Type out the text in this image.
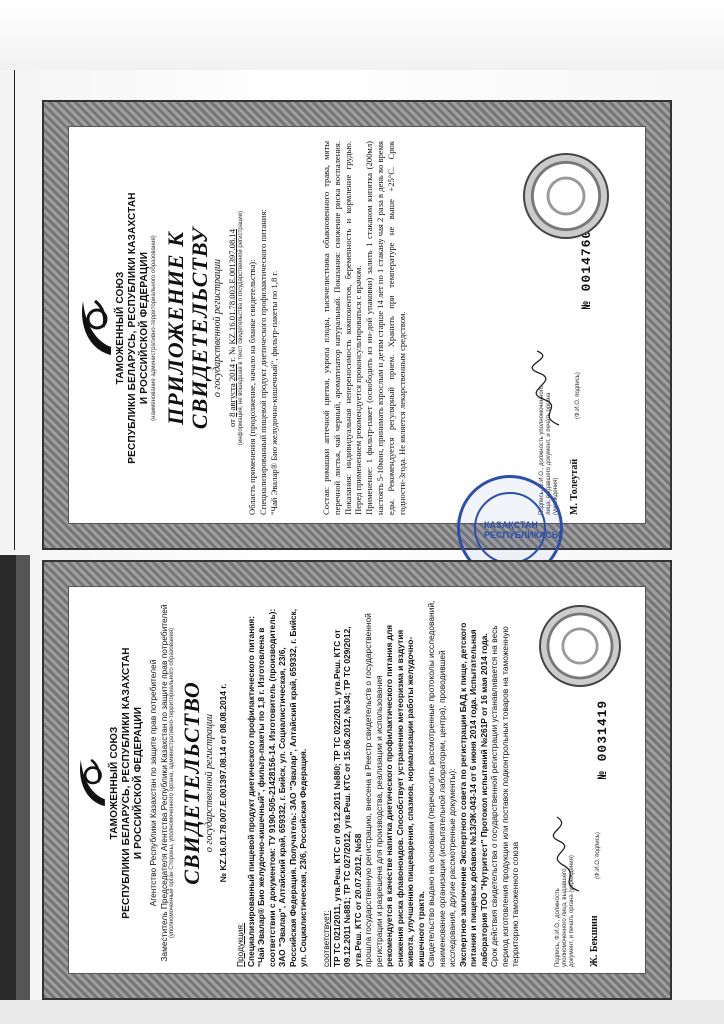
ТАМОЖЕННЫЙ СОЮЗ РЕСПУБЛИКИ БЕЛАРУСЬ, РЕСПУБЛИКИ КАЗАХСТАН И РОССИЙСКОЙ ФЕДЕРАЦИИ (наименование административно-территориального образования) ПРИЛОЖЕНИЕ К СВИДЕТЕЛЬСТВУ о государственной регистрации
от 8 августа 2014 г. № KZ.16.01.78.003.E.001397.08.14 (информация, не вошедшая в текст свидетельства о государственной регистрации) Область применения (продолжение, начало на бланке свидетельства): Специализированный пищевой продукт диетического профилактического питания: "Чай Эвалар® Био желудочно-кишечный", фильтр-пакеты по 1,8 г.	Состав: ромашки аптечной цветки, укропа плоды, тысячелистника обыкновенного трава, мяты перечной листья, чай черный, ароматизатор натуральный. Показания: снижение риска воспаления. Показания: индивидуальная непереносимость компонентов, беременность и кормление грудью. Перед применением рекомендуется проконсультироваться с врачом. Применение: 1 фильтр-пакет (освободить из ин-дой упаковки) залить 1 стаканом кипятка (200мл) настоять 5-10мин, принимать взрослым и детям старше 14 лет по 1 стакану чая 2 раза в день во время еды. Рекомендуется регулярный прием. Хранить при температуре не выше +25°С. Срок годности-3года. Не является лекарственным средством.	Подпись, Ф.И.О., должность уполномоченного лица, выдавшего документ, и печать органа (учреждения) М. Толеутай
(Ф.И.О. подпись)
№ 0014760
КАЗАҚСТАН РЕСПУБЛИКАСЫ
ТАМОЖЕННЫЙ СОЮЗ РЕСПУБЛИКИ БЕЛАРУСЬ, РЕСПУБЛИКИ КАЗАХСТАН И РОССИЙСКОЙ ФЕДЕРАЦИИ Агентство Республики Казахстан по защите прав потребителей Заместитель Председателя Агентства Республики Казахстан по защите прав потребителей (уполномоченный орган Стороны, уполномоченного органа, административно-территориального образования) СВИДЕТЕЛЬСТВО о государственной регистрации
№ KZ.16.01.78.007.E.001397.08.14 от 08.08.2014 г.
Продукция: Специализированный пищевой продукт диетического профилактического питания: "Чай Эвалар® Био желудочно-кишечный", фильтр-пакеты по 1,8 г. Изготовлена в соответствии с документом: ТУ 9190-505-21428156-14. Изготовитель (производитель): ЗАО "Эвалар", Алтайский край, 659332, г. Бийск, ул. Социалистическая, 23/6, Российская Федерация. Получатель: ЗАО "Эвалар", Алтайский край, 659332, г. Бийск, ул. Социалистическая, 23/6, Российская Федерация. соответствует: ТР ТС 021/2011, утв.Реш. КТС от 09.12.2011 №880; ТР ТС 022/2011, утв.Реш. КТС от 09.12.2011 №881; ТР ТС 027/2012, утв.Реш. КТС от 15.06.2012, №34; ТР ТС 029/2012, утв.Реш. КТС от 20.07.2012, №58 прошла государственную регистрацию, внесена в Реестр свидетельств о государственной регистрации и разрешена для производства, реализации и использования рекомендуется в качестве напитка диетического профилактического питания для снижения риска флавоноидов. Способствует устранению метеоризма и вздутия живота, улучшению пищеварения, спазмов, нормализации работы желудочно-кишечного тракта. Свидетельство выдано на основании (перечислить рассмотренные протоколы исследований, наименование организации (испытательной лаборатории, центра), проводившей исследования, другие рассмотренные документы): Экспертное заключение Экспертного совета по регистрации БАД к пище, детского питания и пищевых добавок №13/ЭК-043-14 от 6 июня 2014 года. Испытательная лаборатория ТОО "Нутритест" Протокол испытаний №261Р от 16 мая 2014 года. Срок действия свидетельства о государственной регистрации устанавливается на весь период изготовления продукции или поставок подконтрольных товаров на таможенную территорию таможенного союза	Подпись, Ф.И.О., должность уполномоченного лица, выдавшего документ, и печать органа (учреждения) Ж. Бекшин
(Ф.И.О. подпись)
№ 0031419
